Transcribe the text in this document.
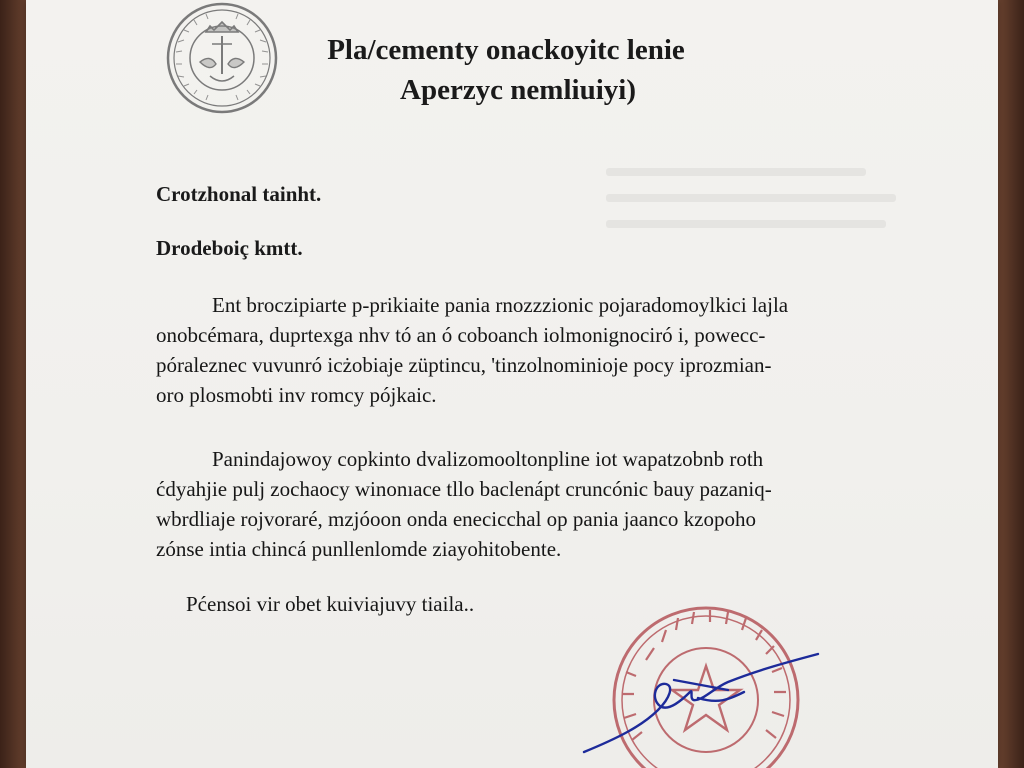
Pla/cementy onackoyitc lenie
Aperzyc nemliuiyi)
Crotzhonal tainht.
Drodeboiç kmtt.
Ent broczipiarte p-prikiaite pania rnozzzionic pojaradomoylkici lajla
onobcémara, duprtexga nhv tó an ó cobоanch iolmonignociró i, powecc-
póraleznec vuvunró icżobiaje züptincu, 'tinzolnominioje pocy iprozmian-
oro plosmobti inv romcy pójkaic.
Panindajowoy copkinto dvalizomooltonpline iot wapatzobnb roth
ćdyahjie pulj zochaocy winonıace tllo baclenápt cruncónic bauy pazaniq-
wbrdliaje rojvoraré, mzjóoon onda enecicchal op pania jaanco kzopoho
zónse intia chincá punllenlomde ziayohitobente.
Pćensoi vir obet kuiviajuvy tiaila..
